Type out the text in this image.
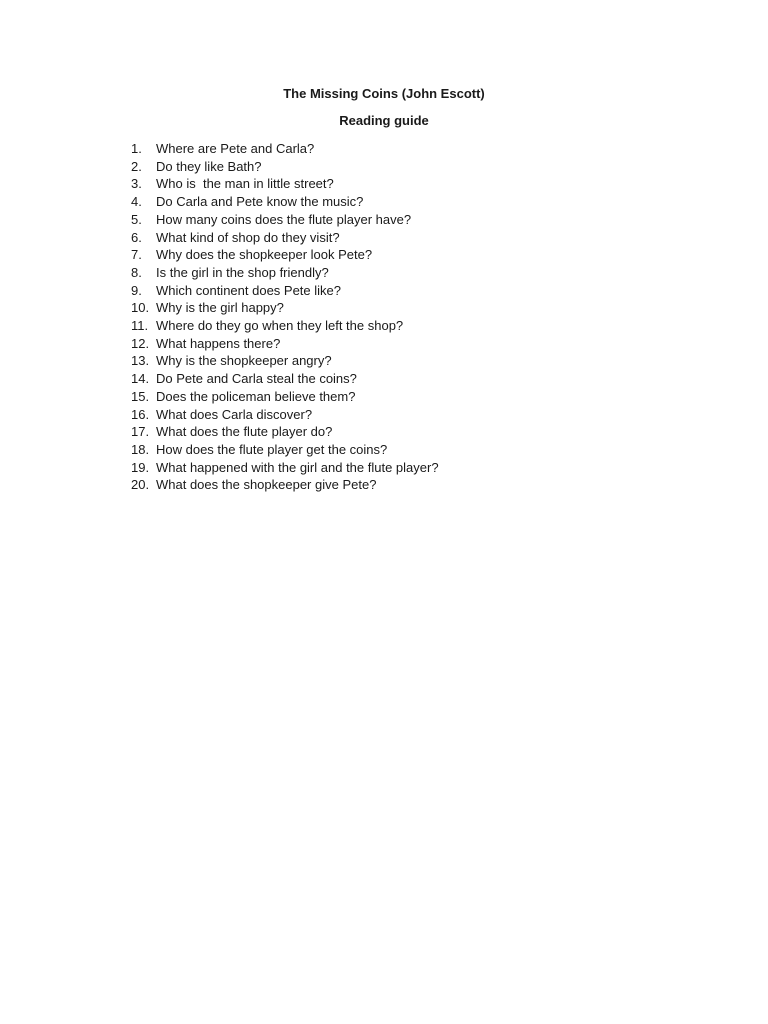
The Missing Coins (John Escott)
Reading guide
1.	Where are Pete and Carla?
2.	Do they like Bath?
3.	Who is  the man in little street?
4.	Do Carla and Pete know the music?
5.	How many coins does the flute player have?
6.	What kind of shop do they visit?
7.	Why does the shopkeeper look Pete?
8.	Is the girl in the shop friendly?
9.	Which continent does Pete like?
10. Why is the girl happy?
11. Where do they go when they left the shop?
12. What happens there?
13. Why is the shopkeeper angry?
14. Do Pete and Carla steal the coins?
15. Does the policeman believe them?
16. What does Carla discover?
17. What does the flute player do?
18. How does the flute player get the coins?
19. What happened with the girl and the flute player?
20. What does the shopkeeper give Pete?
